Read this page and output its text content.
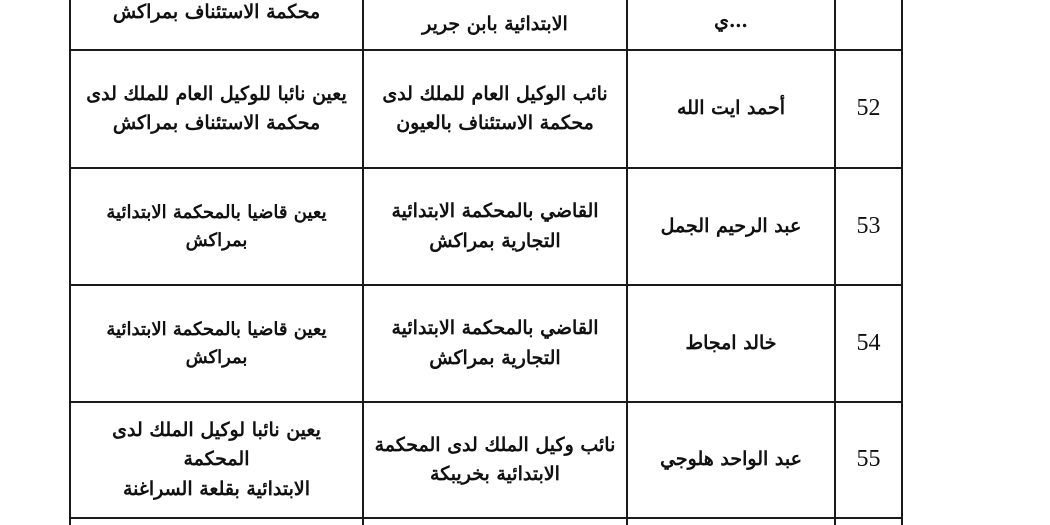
…ي
الابتدائية بابن جرير
محكمة الاستئناف بمراكش
52
أحمد ايت الله
نائب الوكيل العام للملك لدى
محكمة الاستئناف بالعيون
يعين نائبا للوكيل العام للملك لدى
محكمة الاستئناف بمراكش
53
عبد الرحيم الجمل
القاضي بالمحكمة الابتدائية
التجارية بمراكش
يعين قاضيا بالمحكمة الابتدائية بمراكش
54
خالد امجاط
القاضي بالمحكمة الابتدائية
التجارية بمراكش
يعين قاضيا بالمحكمة الابتدائية بمراكش
55
عبد الواحد هلوجي
نائب وكيل الملك لدى المحكمة
الابتدائية بخريبكة
يعين نائبا لوكيل الملك لدى المحكمة
الابتدائية بقلعة السراغنة
